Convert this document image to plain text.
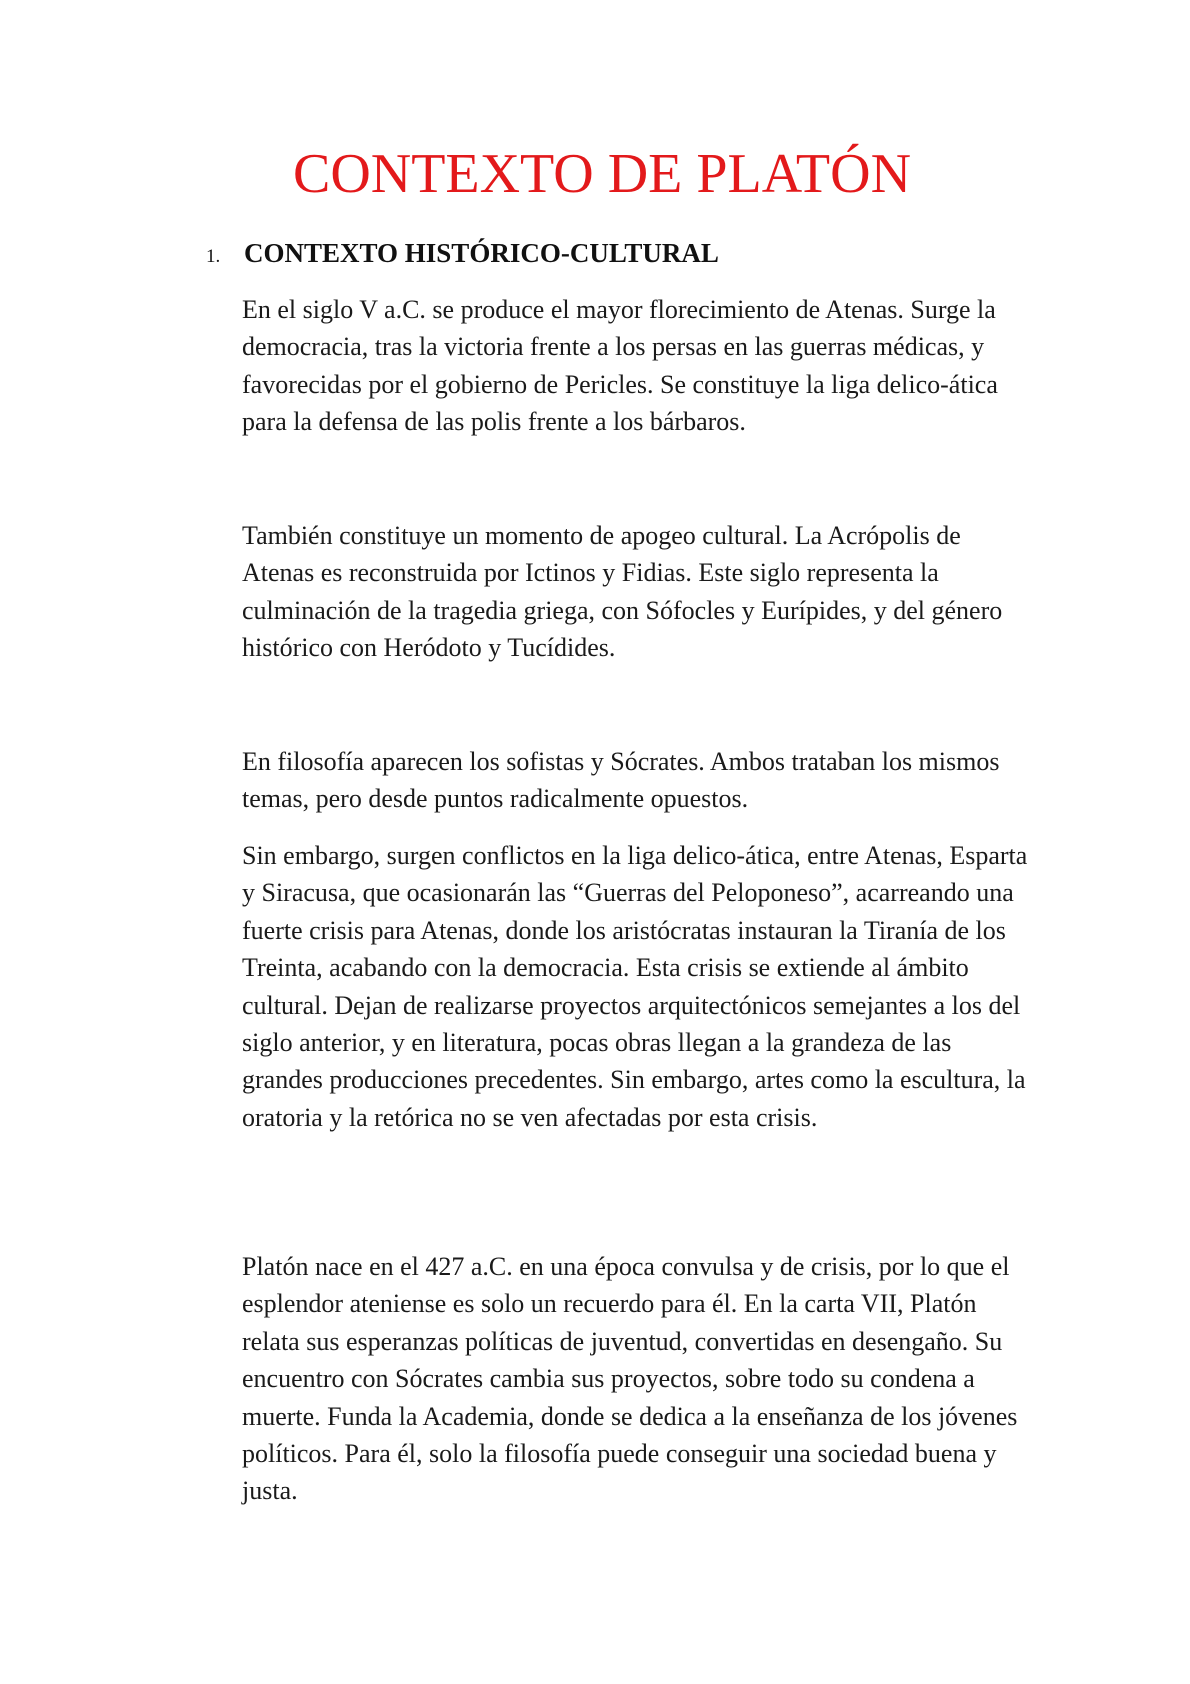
CONTEXTO DE PLATÓN
1. CONTEXTO HISTÓRICO-CULTURAL

En el siglo V a.C. se produce el mayor florecimiento de Atenas. Surge la democracia, tras la victoria frente a los persas en las guerras médicas, y favorecidas por el gobierno de Pericles. Se constituye la liga delico-ática para la defensa de las polis frente a los bárbaros.

También constituye un momento de apogeo cultural. La Acrópolis de Atenas es reconstruida por Ictinos y Fidias. Este siglo representa la culminación de la tragedia griega, con Sófocles y Eurípides, y del género histórico con Heródoto y Tucídides.

En filosofía aparecen los sofistas y Sócrates. Ambos trataban los mismos temas, pero desde puntos radicalmente opuestos.

Sin embargo, surgen conflictos en la liga delico-ática, entre Atenas, Esparta y Siracusa, que ocasionarán las “Guerras del Peloponeso”, acarreando una fuerte crisis para Atenas, donde los aristócratas instauran la Tiranía de los Treinta, acabando con la democracia. Esta crisis se extiende al ámbito cultural. Dejan de realizarse proyectos arquitectónicos semejantes a los del siglo anterior, y en literatura, pocas obras llegan a la grandeza de las grandes producciones precedentes. Sin embargo, artes como la escultura, la oratoria y la retórica no se ven afectadas por esta crisis.

Platón nace en el 427 a.C. en una época convulsa y de crisis, por lo que el esplendor ateniense es solo un recuerdo para él. En la carta VII, Platón relata sus esperanzas políticas de juventud, convertidas en desengaño. Su encuentro con Sócrates cambia sus proyectos, sobre todo su condena a muerte. Funda la Academia, donde se dedica a la enseñanza de los jóvenes políticos. Para él, solo la filosofía puede conseguir una sociedad buena y justa.
